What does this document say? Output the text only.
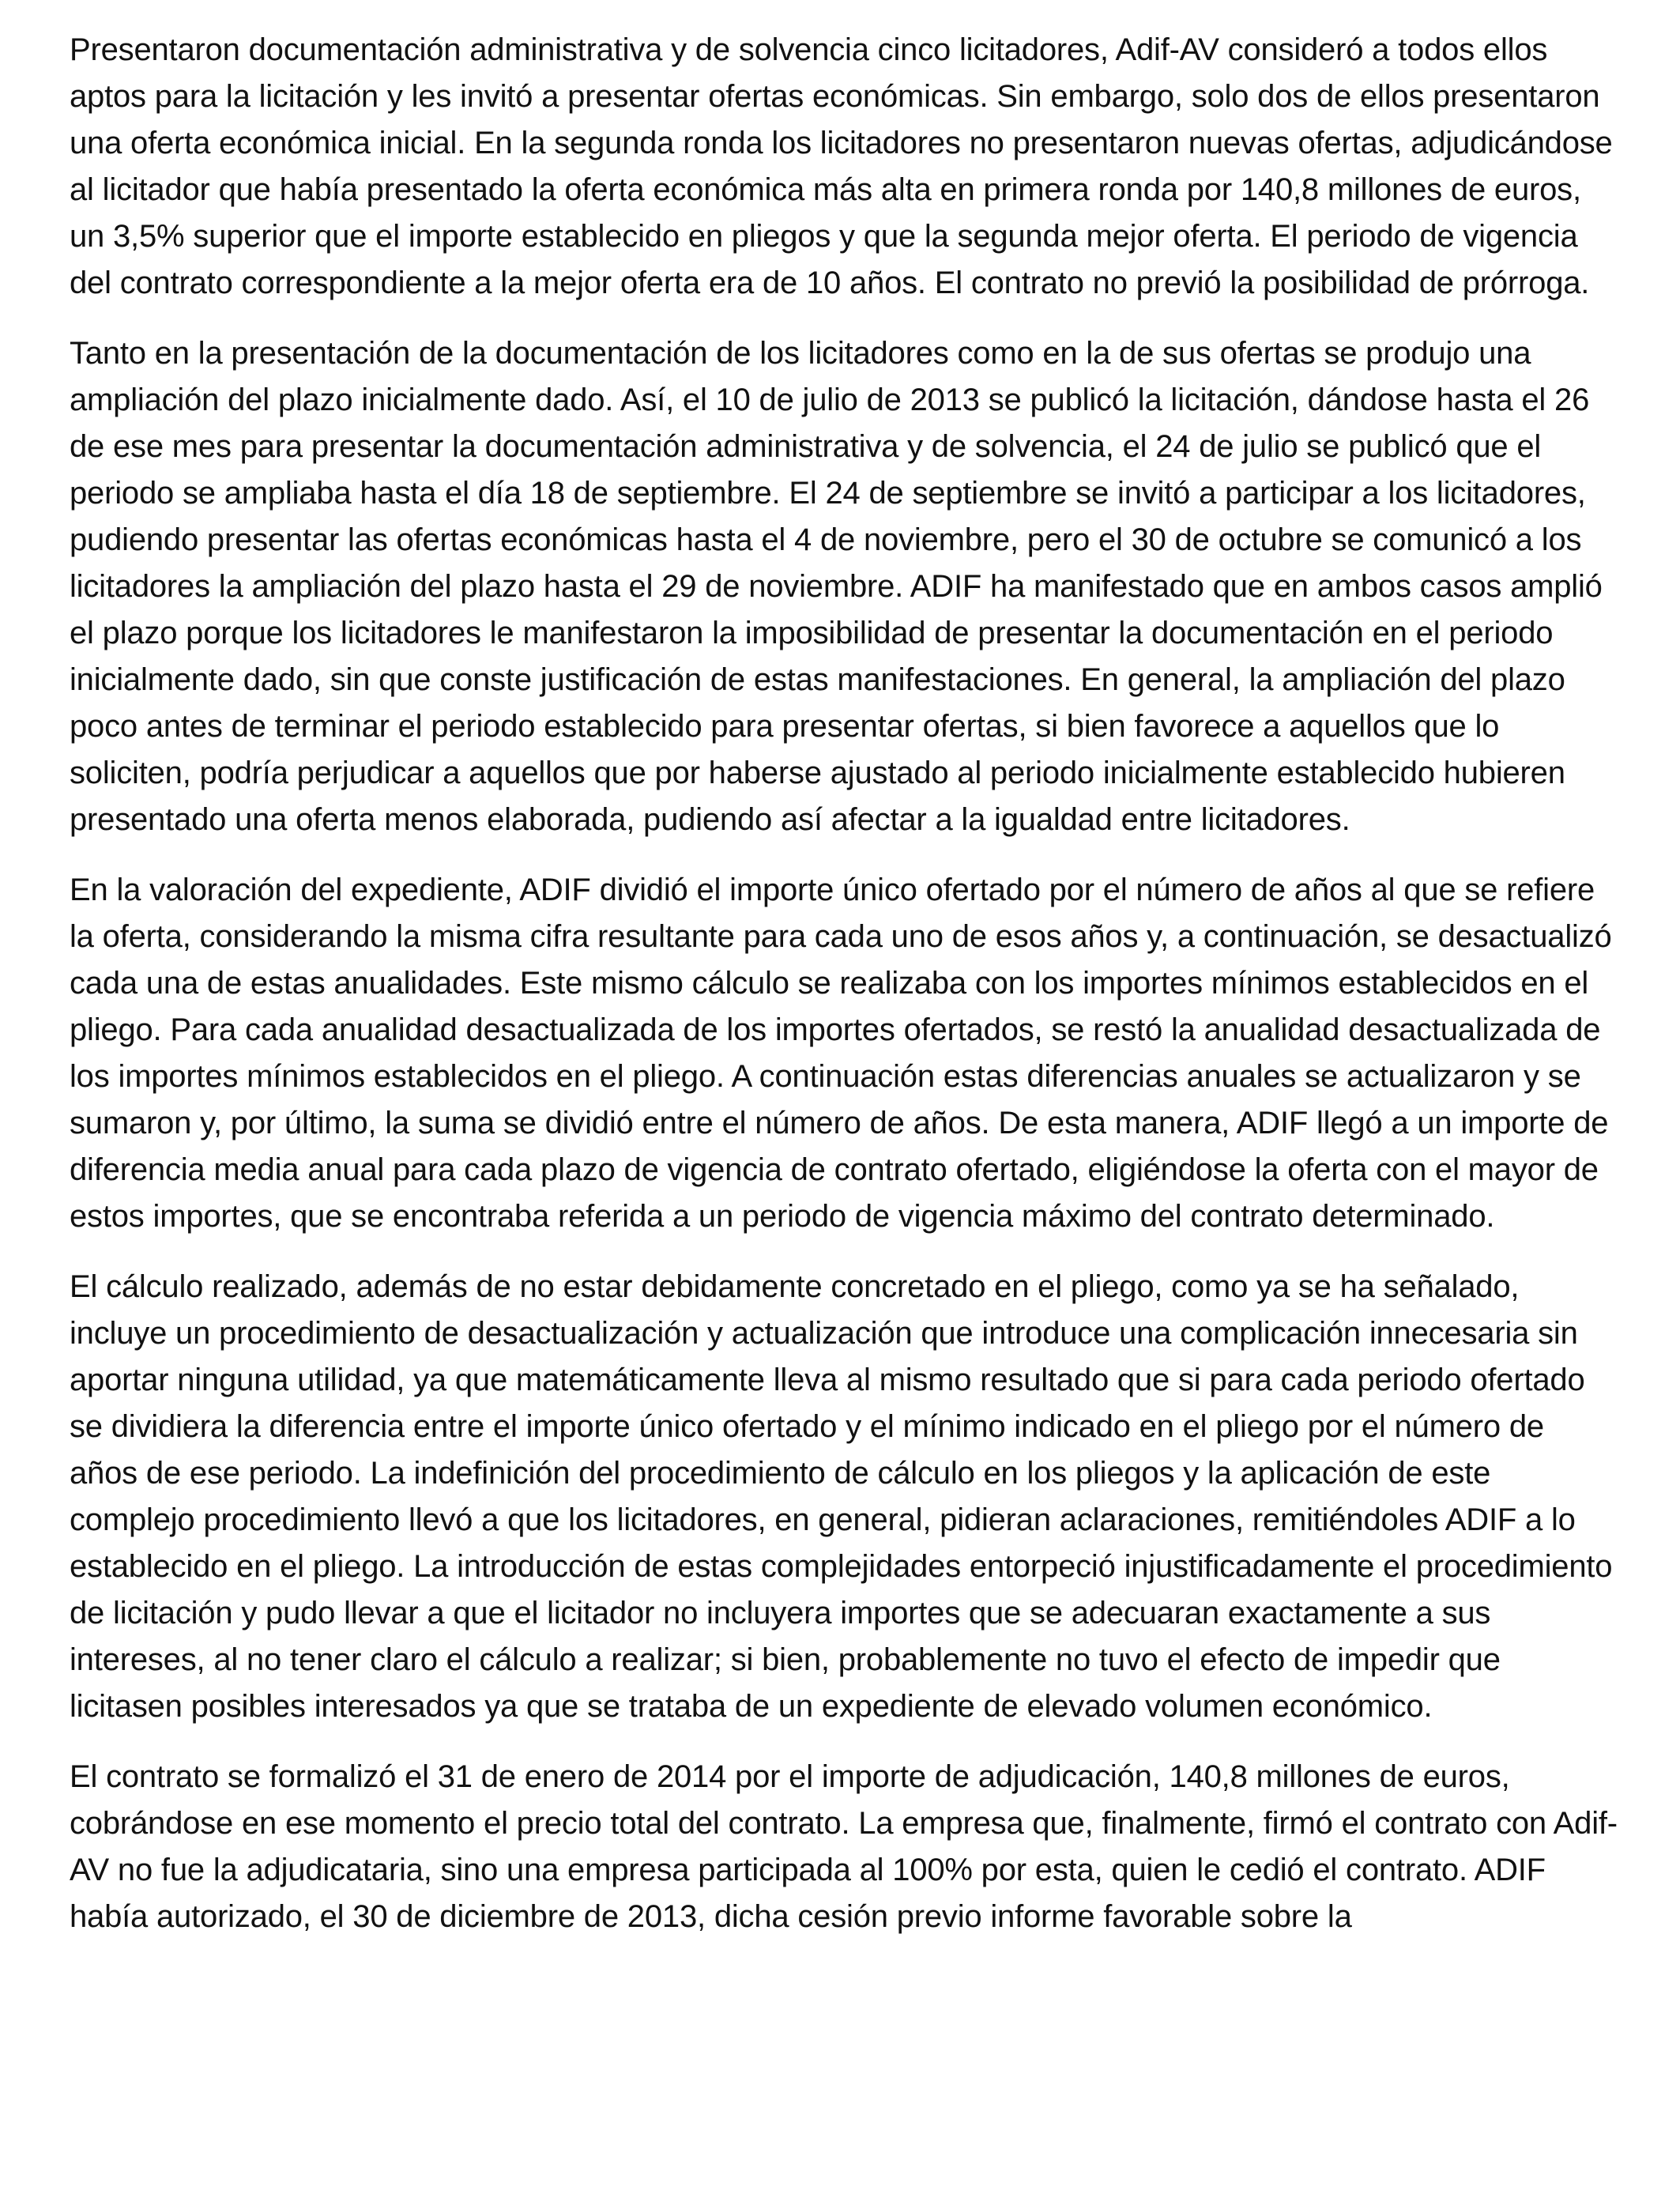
Presentaron documentación administrativa y de solvencia cinco licitadores, Adif-AV consideró a todos ellos aptos para la licitación y les invitó a presentar ofertas económicas. Sin embargo, solo dos de ellos presentaron una oferta económica inicial. En la segunda ronda los licitadores no presentaron nuevas ofertas, adjudicándose al licitador que había presentado la oferta económica más alta en primera ronda por 140,8 millones de euros, un 3,5% superior que el importe establecido en pliegos y que la segunda mejor oferta. El periodo de vigencia del contrato correspondiente a la mejor oferta era de 10 años. El contrato no previó la posibilidad de prórroga.

Tanto en la presentación de la documentación de los licitadores como en la de sus ofertas se produjo una ampliación del plazo inicialmente dado. Así, el 10 de julio de 2013 se publicó la licitación, dándose hasta el 26 de ese mes para presentar la documentación administrativa y de solvencia, el 24 de julio se publicó que el periodo se ampliaba hasta el día 18 de septiembre. El 24 de septiembre se invitó a participar a los licitadores, pudiendo presentar las ofertas económicas hasta el 4 de noviembre, pero el 30 de octubre se comunicó a los licitadores la ampliación del plazo hasta el 29 de noviembre. ADIF ha manifestado que en ambos casos amplió el plazo porque los licitadores le manifestaron la imposibilidad de presentar la documentación en el periodo inicialmente dado, sin que conste justificación de estas manifestaciones. En general, la ampliación del plazo poco antes de terminar el periodo establecido para presentar ofertas, si bien favorece a aquellos que lo soliciten, podría perjudicar a aquellos que por haberse ajustado al periodo inicialmente establecido hubieren presentado una oferta menos elaborada, pudiendo así afectar a la igualdad entre licitadores.

En la valoración del expediente, ADIF dividió el importe único ofertado por el número de años al que se refiere la oferta, considerando la misma cifra resultante para cada uno de esos años y, a continuación, se desactualizó cada una de estas anualidades. Este mismo cálculo se realizaba con los importes mínimos establecidos en el pliego. Para cada anualidad desactualizada de los importes ofertados, se restó la anualidad desactualizada de los importes mínimos establecidos en el pliego. A continuación estas diferencias anuales se actualizaron y se sumaron y, por último, la suma se dividió entre el número de años. De esta manera, ADIF llegó a un importe de diferencia media anual para cada plazo de vigencia de contrato ofertado, eligiéndose la oferta con el mayor de estos importes, que se encontraba referida a un periodo de vigencia máximo del contrato determinado.

El cálculo realizado, además de no estar debidamente concretado en el pliego, como ya se ha señalado, incluye un procedimiento de desactualización y actualización que introduce una complicación innecesaria sin aportar ninguna utilidad, ya que matemáticamente lleva al mismo resultado que si para cada periodo ofertado se dividiera la diferencia entre el importe único ofertado y el mínimo indicado en el pliego por el número de años de ese periodo. La indefinición del procedimiento de cálculo en los pliegos y la aplicación de este complejo procedimiento llevó a que los licitadores, en general, pidieran aclaraciones, remitiéndoles ADIF a lo establecido en el pliego. La introducción de estas complejidades entorpeció injustificadamente el procedimiento de licitación y pudo llevar a que el licitador no incluyera importes que se adecuaran exactamente a sus intereses, al no tener claro el cálculo a realizar; si bien, probablemente no tuvo el efecto de impedir que licitasen posibles interesados ya que se trataba de un expediente de elevado volumen económico.

El contrato se formalizó el 31 de enero de 2014 por el importe de adjudicación, 140,8 millones de euros, cobrándose en ese momento el precio total del contrato. La empresa que, finalmente, firmó el contrato con Adif-AV no fue la adjudicataria, sino una empresa participada al 100% por esta, quien le cedió el contrato. ADIF había autorizado, el 30 de diciembre de 2013, dicha cesión previo informe favorable sobre la
